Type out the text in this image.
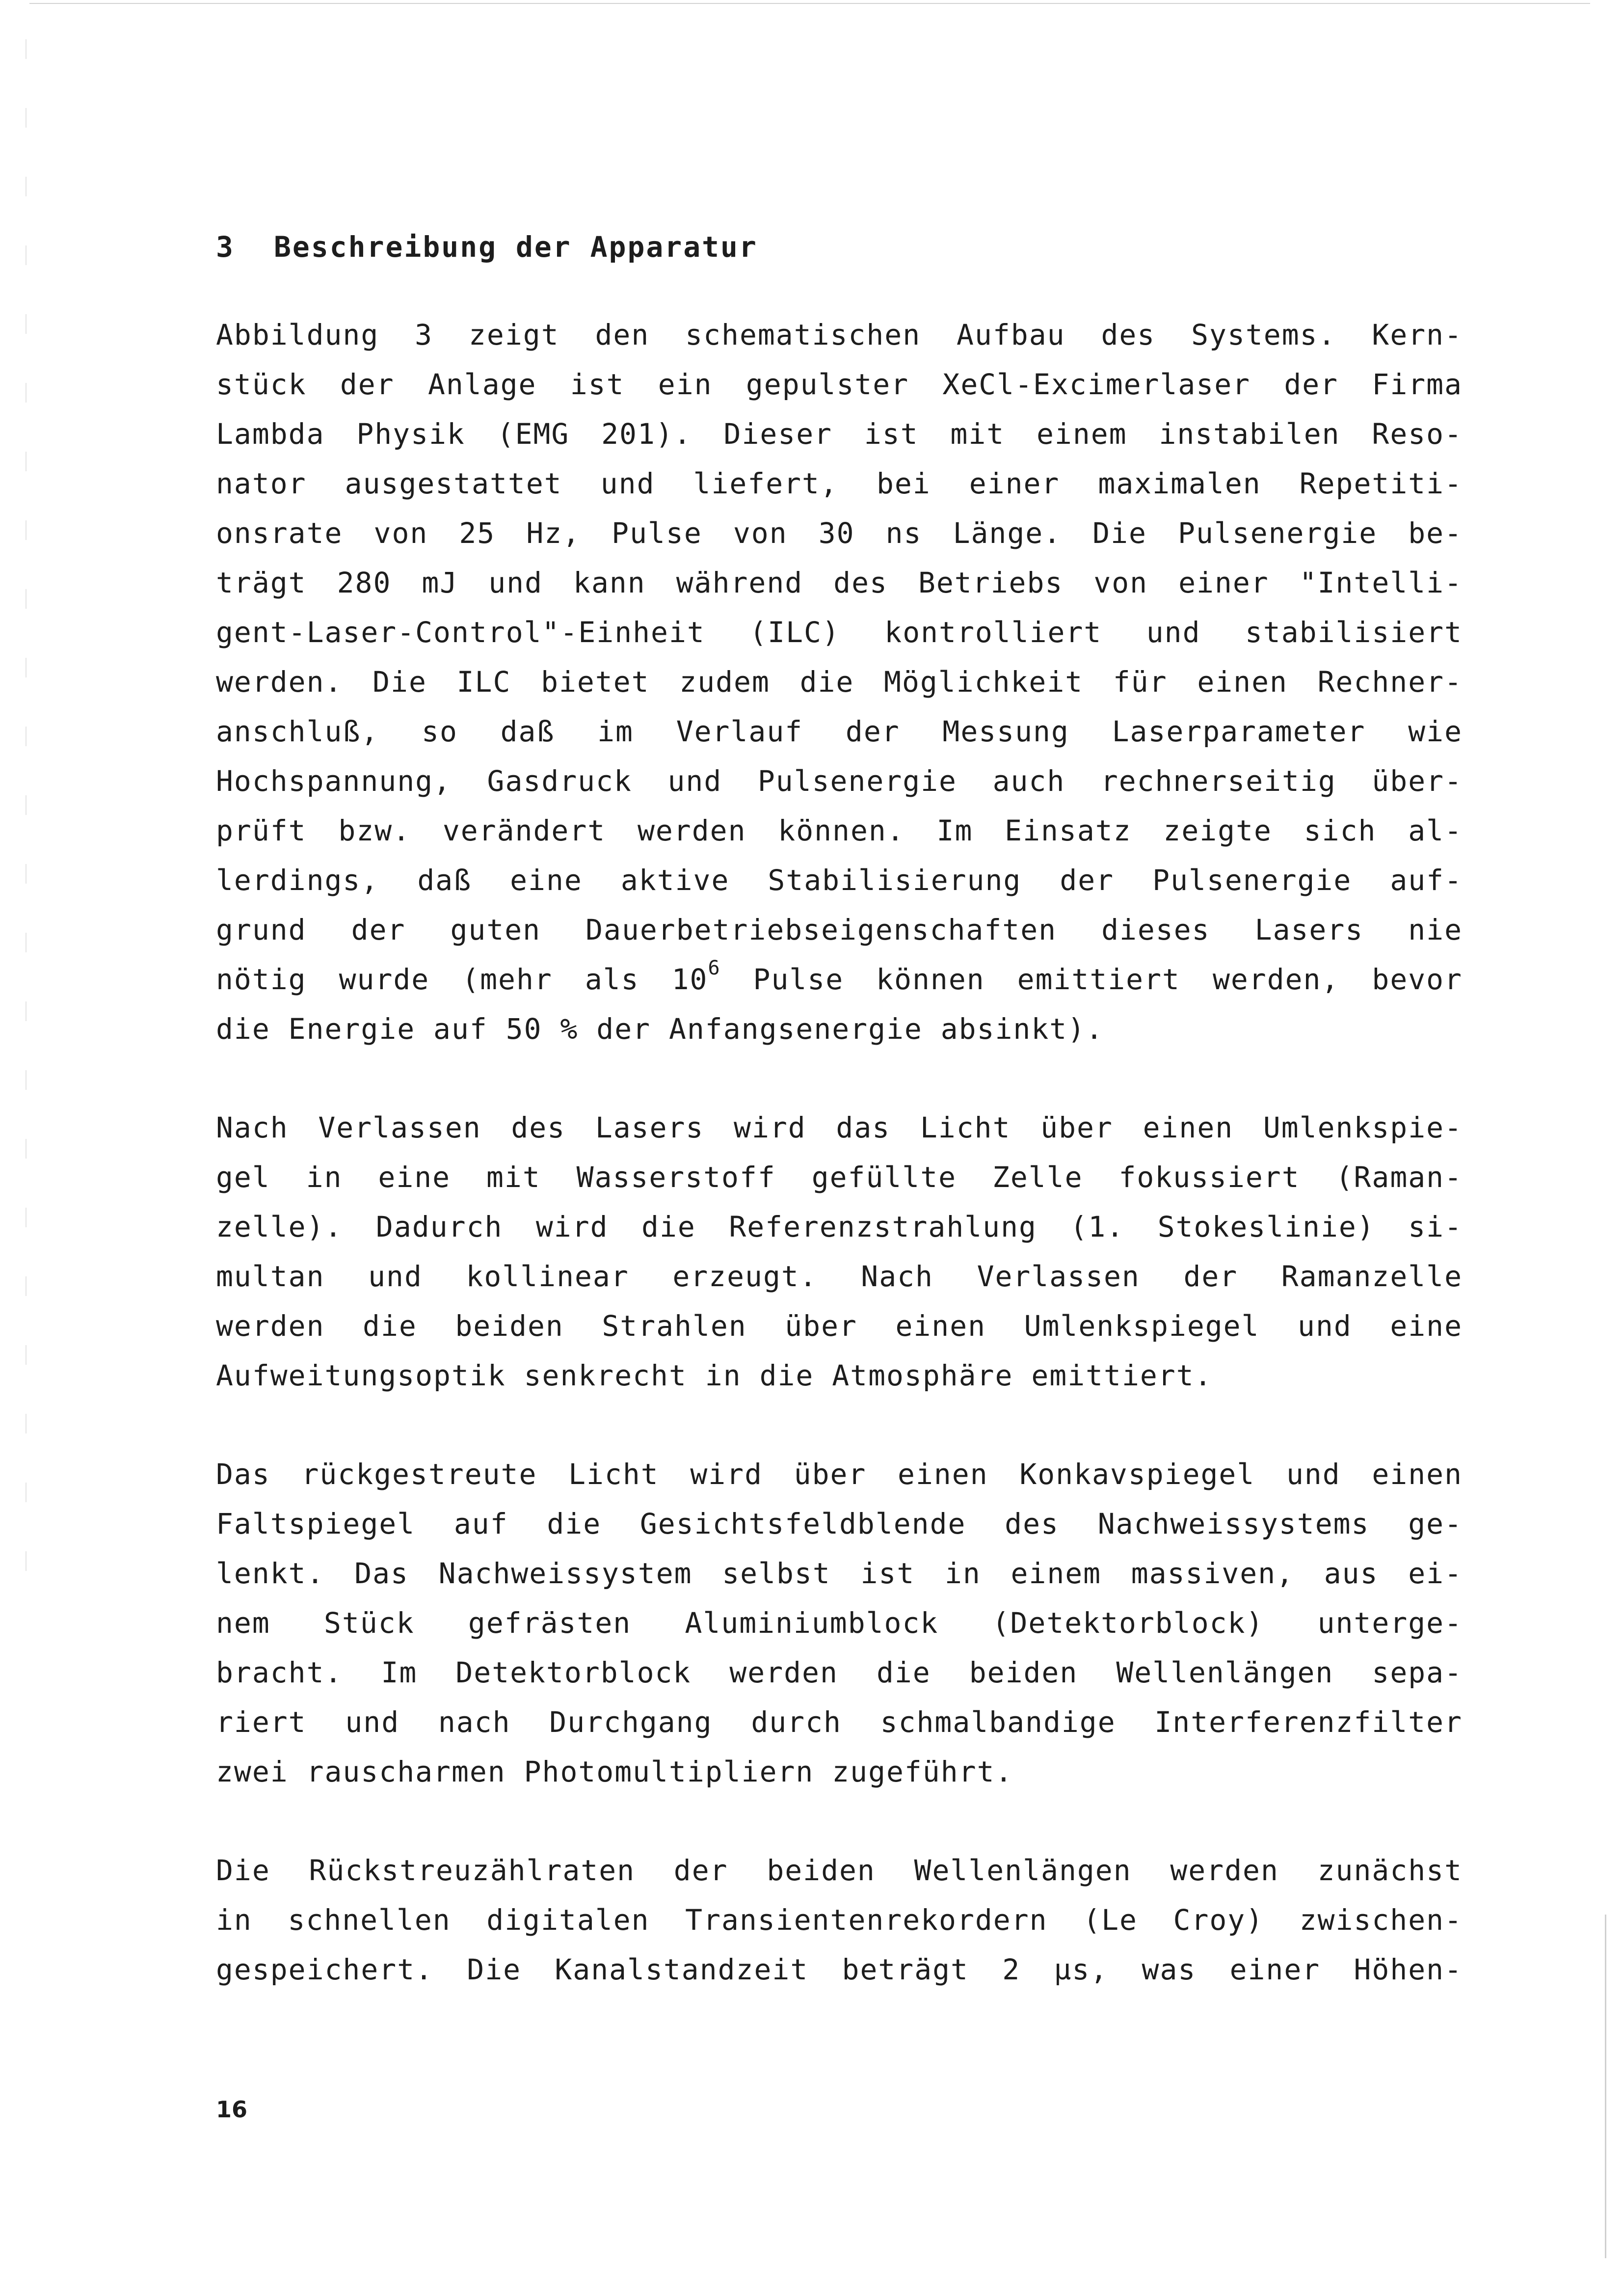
3	Beschreibung der Apparatur
Abbildung 3 zeigt den schematischen Aufbau des Systems. Kern-
stück der Anlage ist ein gepulster XeCl-Excimerlaser der Firma
Lambda Physik (EMG 201). Dieser ist mit einem instabilen Reso-
nator ausgestattet und liefert, bei einer maximalen Repetiti-
onsrate von 25 Hz, Pulse von 30 ns Länge. Die Pulsenergie be-
trägt 280 mJ und kann während des Betriebs von einer "Intelli-
gent-Laser-Control"-Einheit (ILC) kontrolliert und stabilisiert
werden. Die ILC bietet zudem die Möglichkeit für einen Rechner-
anschluß, so daß im Verlauf der Messung Laserparameter wie
Hochspannung, Gasdruck und Pulsenergie auch rechnerseitig über-
prüft bzw. verändert werden können. Im Einsatz zeigte sich al-
lerdings, daß eine aktive Stabilisierung der Pulsenergie auf-
grund der guten Dauerbetriebseigenschaften dieses Lasers nie
nötig wurde (mehr als $10^6$ Pulse können emittiert werden, bevor
die Energie auf 50 % der Anfangsenergie absinkt).
Nach Verlassen des Lasers wird das Licht über einen Umlenkspie-
gel in eine mit Wasserstoff gefüllte Zelle fokussiert (Raman-
zelle). Dadurch wird die Referenzstrahlung (1. Stokeslinie) si-
multan und kollinear erzeugt. Nach Verlassen der Ramanzelle
werden die beiden Strahlen über einen Umlenkspiegel und eine
Aufweitungsoptik senkrecht in die Atmosphäre emittiert.
Das rückgestreute Licht wird über einen Konkavspiegel und einen
Faltspiegel auf die Gesichtsfeldblende des Nachweissystems ge-
lenkt. Das Nachweissystem selbst ist in einem massiven, aus ei-
nem Stück gefrästen Aluminiumblock (Detektorblock) unterge-
bracht. Im Detektorblock werden die beiden Wellenlängen sepa-
riert und nach Durchgang durch schmalbandige Interferenzfilter
zwei rauscharmen Photomultipliern zugeführt.
Die Rückstreuzählraten der beiden Wellenlängen werden zunächst
in schnellen digitalen Transientenrekordern (Le Croy) zwischen-
gespeichert. Die Kanalstandzeit beträgt 2 µs, was einer Höhen-
16
